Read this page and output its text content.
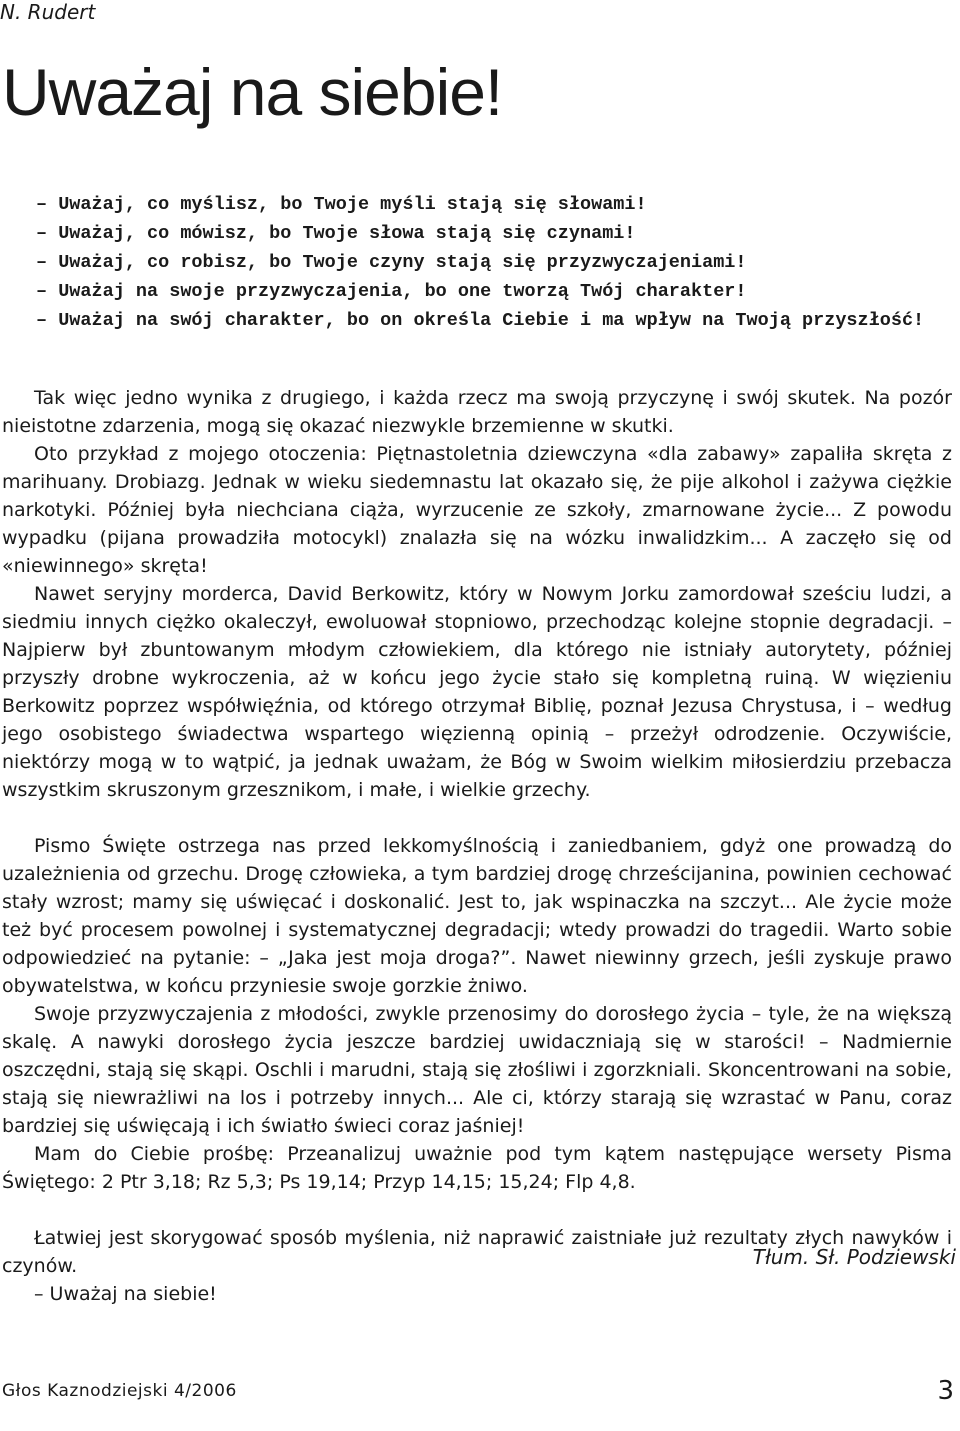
N. Rudert
Uważaj na siebie!
– Uważaj, co myślisz, bo Twoje myśli stają się słowami!
– Uważaj, co mówisz, bo Twoje słowa stają się czynami!
– Uważaj, co robisz, bo Twoje czyny stają się przyzwyczajeniami!
– Uważaj na swoje przyzwyczajenia, bo one tworzą Twój charakter!
– Uważaj na swój charakter, bo on określa Ciebie i ma wpływ na Twoją przyszłość!

Tak więc jedno wynika z drugiego, i każda rzecz ma swoją przyczynę i swój skutek. Na pozór nieistotne zdarzenia, mogą się okazać niezwykle brzemienne w skutki.

Oto przykład z mojego otoczenia: Piętnastoletnia dziewczyna «dla zabawy» zapaliła skręta z marihuany. Drobiazg. Jednak w wieku siedemnastu lat okazało się, że pije alkohol i zażywa ciężkie narkotyki. Później była niechciana ciąża, wyrzucenie ze szkoły, zmarnowane życie... Z powodu wypadku (pijana prowadziła motocykl) znalazła się na wózku inwalidzkim... A zaczęło się od «niewinnego» skręta!

Nawet seryjny morderca, David Berkowitz, który w Nowym Jorku zamordował sześciu ludzi, a siedmiu innych ciężko okaleczył, ewoluował stopniowo, przechodząc kolejne stopnie degradacji. – Najpierw był zbuntowanym młodym człowiekiem, dla którego nie istniały autorytety, później przyszły drobne wykroczenia, aż w końcu jego życie stało się kompletną ruiną. W więzieniu Berkowitz poprzez współwięźnia, od którego otrzymał Biblię, poznał Jezusa Chrystusa, i – według jego osobistego świadectwa wspartego więzienną opinią – przeżył odrodzenie. Oczywiście, niektórzy mogą w to wątpić, ja jednak uważam, że Bóg w Swoim wielkim miłosierdziu przebacza wszystkim skruszonym grzesznikom, i małe, i wielkie grzechy.

Pismo Święte ostrzega nas przed lekkomyślnością i zaniedbaniem, gdyż one prowadzą do uzależnienia od grzechu. Drogę człowieka, a tym bardziej drogę chrześcijanina, powinien cechować stały wzrost; mamy się uświęcać i doskonalić. Jest to, jak wspinaczka na szczyt... Ale życie może też być procesem powolnej i systematycznej degradacji; wtedy prowadzi do tragedii. Warto sobie odpowiedzieć na pytanie: – „Jaka jest moja droga?”. Nawet niewinny grzech, jeśli zyskuje prawo obywatelstwa, w końcu przyniesie swoje gorzkie żniwo.

Swoje przyzwyczajenia z młodości, zwykle przenosimy do dorosłego życia – tyle, że na większą skalę. A nawyki dorosłego życia jeszcze bardziej uwidaczniają się w starości! – Nadmiernie oszczędni, stają się skąpi. Oschli i marudni, stają się złośliwi i zgorzkniali. Skoncentrowani na sobie, stają się niewrażliwi na los i potrzeby innych... Ale ci, którzy starają się wzrastać w Panu, coraz bardziej się uświęcają i ich światło świeci coraz jaśniej!

Mam do Ciebie prośbę: Przeanalizuj uważnie pod tym kątem następujące wersety Pisma Świętego: 2 Ptr 3,18; Rz 5,3; Ps 19,14; Przyp 14,15; 15,24; Flp 4,8.

Łatwiej jest skorygować sposób myślenia, niż naprawić zaistniałe już rezultaty złych nawyków i czynów.

– Uważaj na siebie!

Tłum. Sł. Podziewski
Głos Kaznodziejski 4/2006	3
